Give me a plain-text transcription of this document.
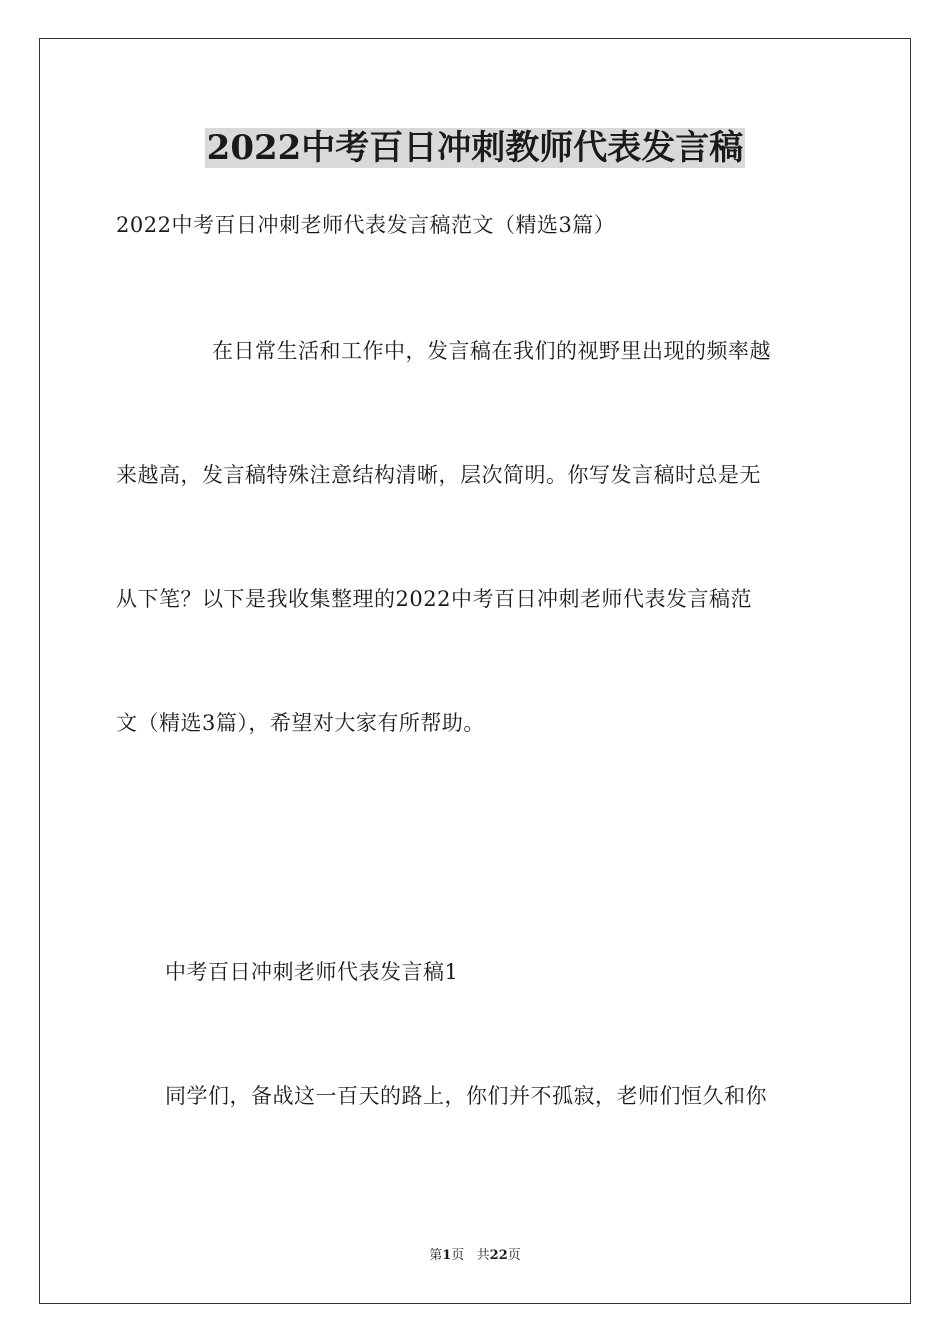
2022中考百日冲刺教师代表发言稿
2022中考百日冲刺老师代表发言稿范文（精选3篇）
在日常生活和工作中，发言稿在我们的视野里出现的频率越
来越高，发言稿特殊注意结构清晰，层次简明。你写发言稿时总是无
从下笔？以下是我收集整理的2022中考百日冲刺老师代表发言稿范
文（精选3篇），希望对大家有所帮助。
中考百日冲刺老师代表发言稿1
同学们，备战这一百天的路上，你们并不孤寂，老师们恒久和你
第1页   共22页
